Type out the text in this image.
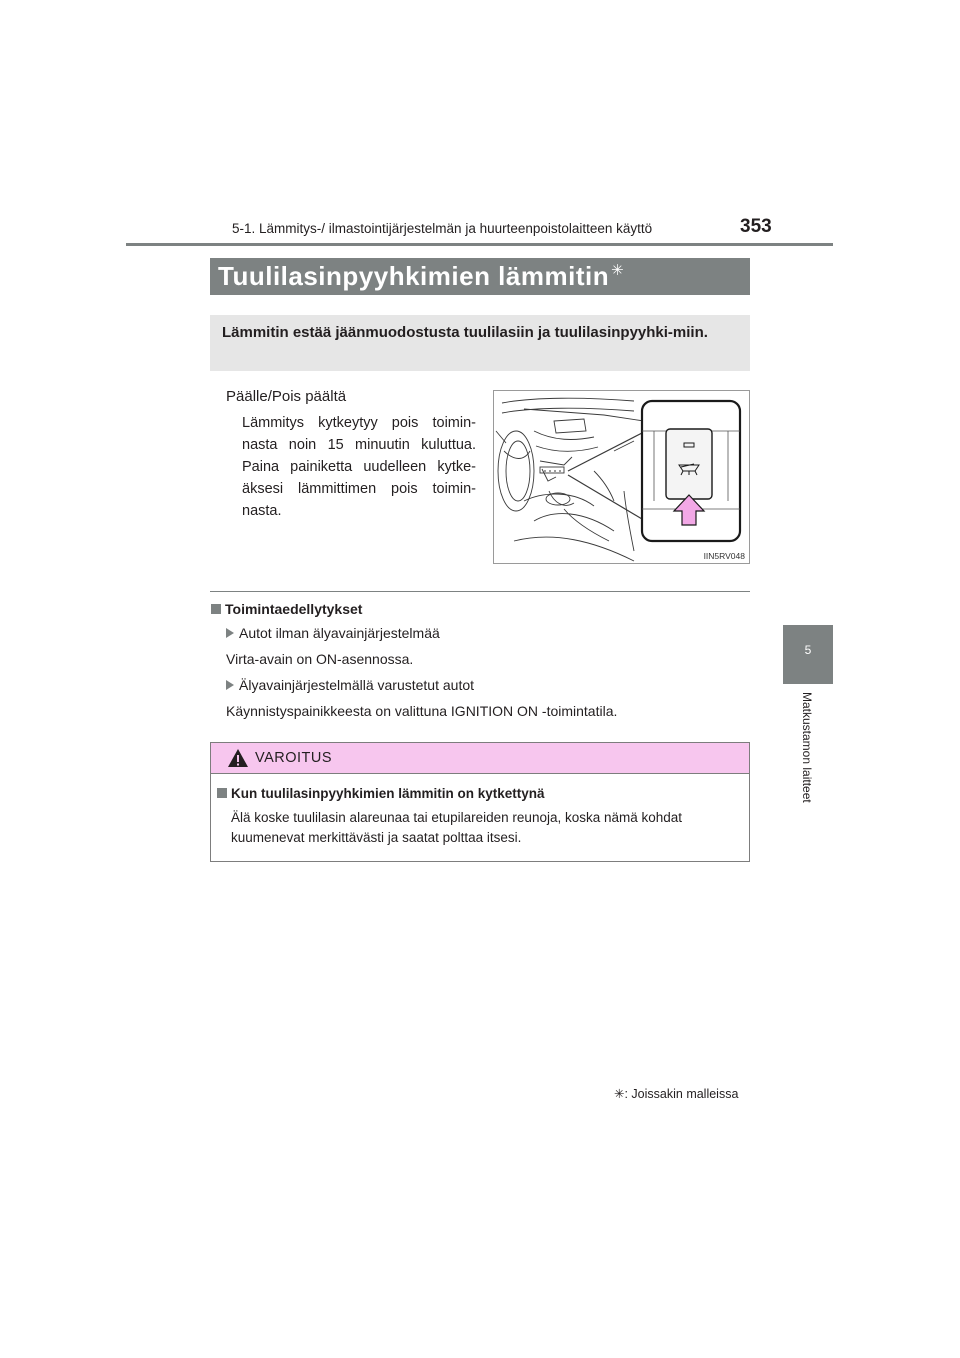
5-1. Lämmitys-/ ilmastointijärjestelmän ja huurteenpoistolaitteen käyttö	353
5
Matkustamon laitteet
Tuulilasinpyyhkimien lämmitin ✳
Lämmitin estää jäänmuodostusta tuulilasiin ja tuulilasinpyyhki-miin.
Päälle/Pois päältä
Lämmitys kytkeytyy pois toimin-nasta noin 15 minuutin kuluttua. Paina painiketta uudelleen kytke-äksesi lämmittimen pois toimin-nasta.
IIN5RV048
Toimintaedellytykset
Autot ilman älyavainjärjestelmää
Virta-avain on ON-asennossa.
Älyavainjärjestelmällä varustetut autot
Käynnistyspainikkeesta on valittuna IGNITION ON -toimintatila.
VAROITUS
Kun tuulilasinpyyhkimien lämmitin on kytkettynä
Älä koske tuulilasin alareunaa tai etupilareiden reunoja, koska nämä kohdat kuumenevat merkittävästi ja saatat polttaa itsesi.
✳: Joissakin malleissa
